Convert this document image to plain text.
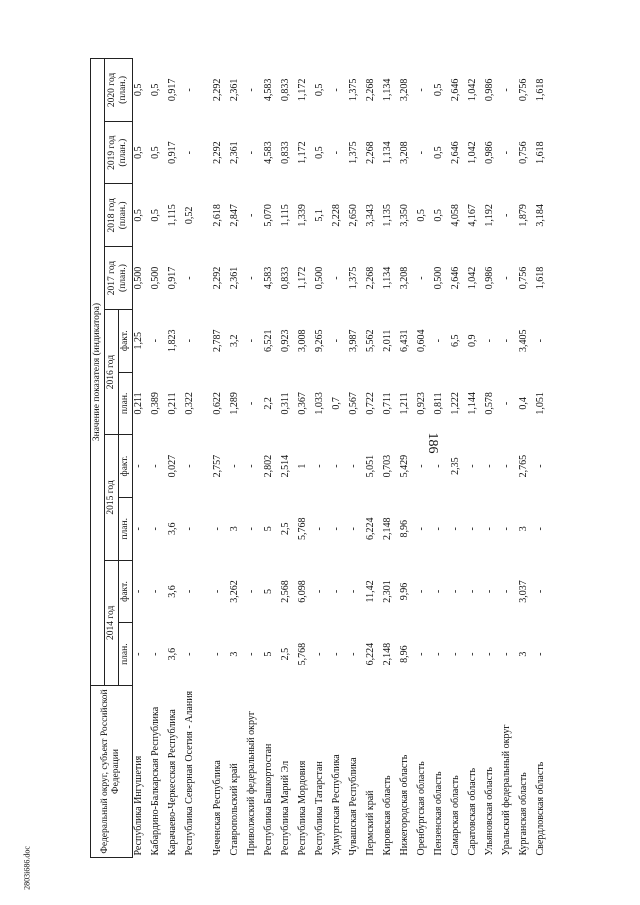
186
2803i686.doc
Федеральный округ, субъект Российской Федерации	Значение показателя (индикатора)									
	2014 год		2015 год		2016 год		2017 год (план.)	2018 год (план.)	2019 год (план.)	2020 год (план.)
	план.	факт.	план.	факт.	план.	факт.				
Республика Ингушетия	-	-	-	-	0,211	1,25	0,500	0,5	0,5	0,5
Кабардино-Балкарская Республика	-	-	-	-	0,389	-	0,500	0,5	0,5	0,5
Карачаево-Черкесская Республика	3,6	3,6	3,6	0,027	0,211	1,823	0,917	1,115	0,917	0,917
Республика Северная Осетия - Алания	-	-	-	-	0,322	-	-	0,52	-	-
Чеченская Республика	-	-	-	2,757	0,622	2,787	2,292	2,618	2,292	2,292
Ставропольский край	3	3,262	3	-	1,289	3,2	2,361	2,847	2,361	2,361
Приволжский федеральный округ	-	-	-	-	-	-	-	-	-	-
Республика Башкортостан	5	5	5	2,802	2,2	6,521	4,583	5,070	4,583	4,583
Республика Марий Эл	2,5	2,568	2,5	2,514	0,311	0,923	0,833	1,115	0,833	0,833
Республика Мордовия	5,768	6,098	5,768	1	0,367	3,008	1,172	1,339	1,172	1,172
Республика Татарстан	-	-	-	-	1,033	9,265	0,500	5,1	0,5	0,5
Удмуртская Республика	-	-	-	-	0,7	-	-	2,228	-	-
Чувашская Республика	-	-	-	-	0,567	3,987	1,375	2,650	1,375	1,375
Пермский край	6,224	11,42	6,224	5,051	0,722	5,562	2,268	3,343	2,268	2,268
Кировская область	2,148	2,301	2,148	0,703	0,711	2,011	1,134	1,135	1,134	1,134
Нижегородская область	8,96	9,96	8,96	5,429	1,211	6,431	3,208	3,350	3,208	3,208
Оренбургская область	-	-	-	-	0,923	0,604	-	0,5	-	-
Пензенская область	-	-	-	-	0,811	-	0,500	0,5	0,5	0,5
Самарская область	-	-	-	2,35	1,222	6,5	2,646	4,058	2,646	2,646
Саратовская область	-	-	-	-	1,144	0,9	1,042	4,167	1,042	1,042
Ульяновская область	-	-	-	-	0,578	-	0,986	1,192	0,986	0,986
Уральский федеральный округ	-	-	-	-	-	-	-	-	-	-
Курганская область	3	3,037	3	2,765	0,4	3,405	0,756	1,879	0,756	0,756
Свердловская область	-	-	-	-	1,051	-	1,618	3,184	1,618	1,618
